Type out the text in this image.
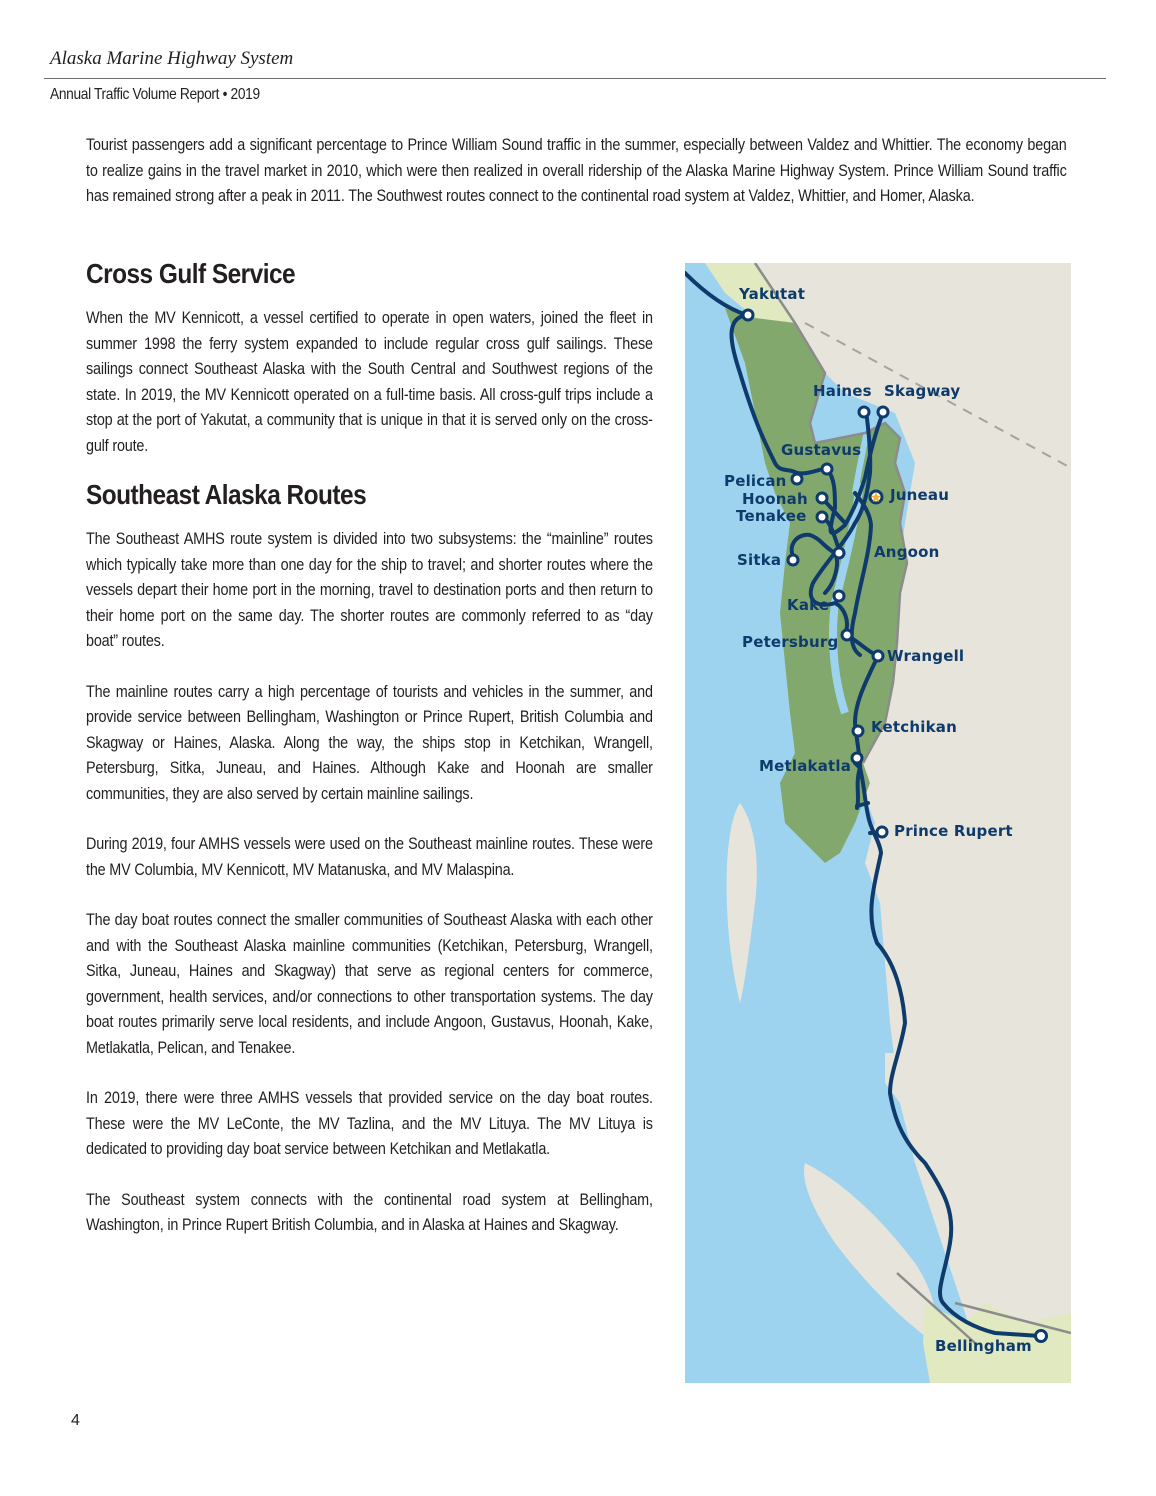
Alaska Marine Highway System
Annual Traffic Volume Report • 2019

Tourist passengers add a significant percentage to Prince William Sound traffic in the summer, especially between Valdez and Whittier. The economy began to realize gains in the travel market in 2010, which were then realized in overall ridership of the Alaska Marine Highway System. Prince William Sound traffic has remained strong after a peak in 2011. The Southwest routes connect to the continental road system at Valdez, Whittier, and Homer, Alaska.

Cross Gulf Service

When the MV Kennicott, a vessel certified to operate in open waters, joined the fleet in summer 1998 the ferry system expanded to include regular cross gulf sailings. These sailings connect Southeast Alaska with the South Central and Southwest regions of the state. In 2019, the MV Kennicott operated on a full-time basis. All cross-gulf trips include a stop at the port of Yakutat, a community that is unique in that it is served only on the cross-gulf route.

Southeast Alaska Routes

The Southeast AMHS route system is divided into two subsystems: the “mainline” routes which typically take more than one day for the ship to travel; and shorter routes where the vessels depart their home port in the morning, travel to destination ports and then return to their home port on the same day. The shorter routes are commonly referred to as “day boat” routes.

The mainline routes carry a high percentage of tourists and vehicles in the summer, and provide service between Bellingham, Washington or Prince Rupert, British Columbia and Skagway or Haines, Alaska. Along the way, the ships stop in Ketchikan, Wrangell, Petersburg, Sitka, Juneau, and Haines. Although Kake and Hoonah are smaller communities, they are also served by certain mainline sailings.

During 2019, four AMHS vessels were used on the Southeast mainline routes. These were the MV Columbia, MV Kennicott, MV Matanuska, and MV Malaspina.

The day boat routes connect the smaller communities of Southeast Alaska with each other and with the Southeast Alaska mainline communities (Ketchikan, Petersburg, Wrangell, Sitka, Juneau, Haines and Skagway) that serve as regional centers for commerce, government, health services, and/or connections to other transportation systems. The day boat routes primarily serve local residents, and include Angoon, Gustavus, Hoonah, Kake, Metlakatla, Pelican, and Tenakee.

In 2019, there were three AMHS vessels that provided service on the day boat routes. These were the MV LeConte, the MV Tazlina, and the MV Lituya. The MV Lituya is dedicated to providing day boat service between Ketchikan and Metlakatla.

The Southeast system connects with the continental road system at Bellingham, Washington, in Prince Rupert British Columbia, and in Alaska at Haines and Skagway.

Yakutat
Haines Skagway
Gustavus
Pelican
Hoonah	Juneau
Tenakee
Angoon
Sitka
Kake
Petersburg
Wrangell
Ketchikan
Metlakatla
Prince Rupert
Bellingham
4
